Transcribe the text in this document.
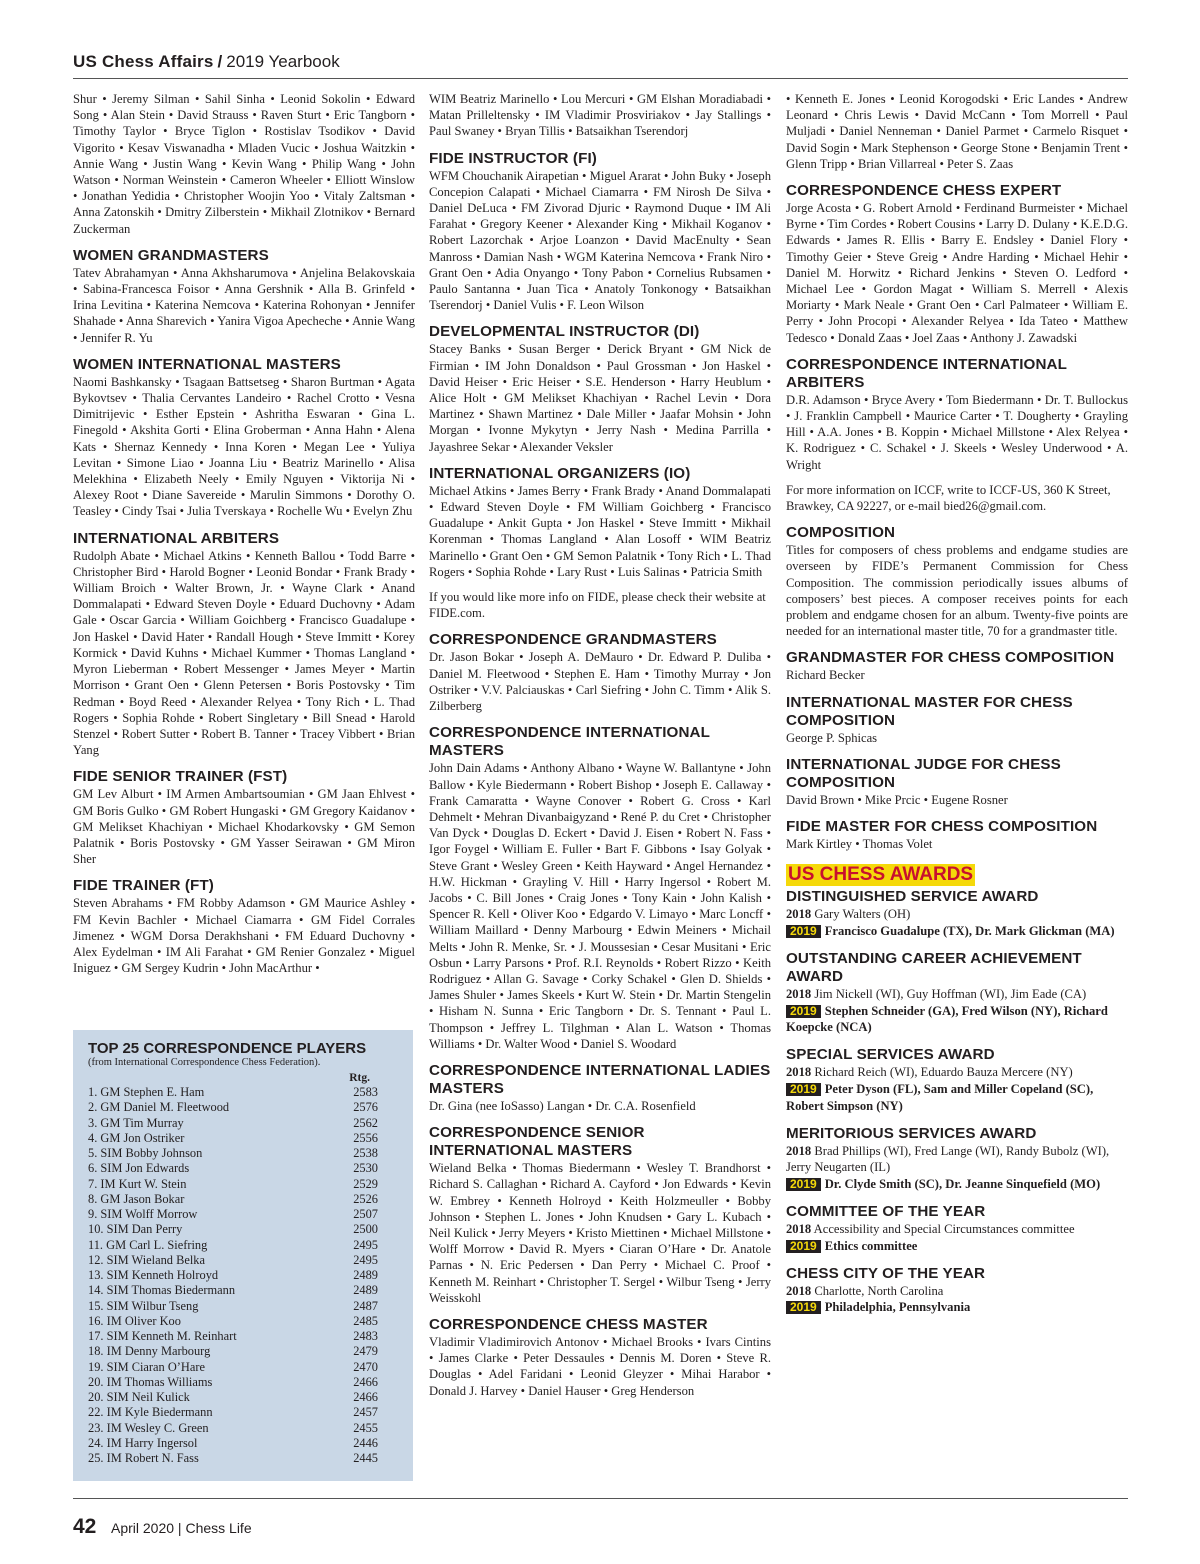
US Chess Affairs / 2019 Yearbook

Shur • Jeremy Silman • Sahil Sinha • Leonid Sokolin • Edward Song • Alan Stein • David Strauss • Raven Sturt • Eric Tangborn • Timothy Taylor • Bryce Tiglon • Rostislav Tsodikov • David Vigorito • Kesav Viswanadha • Mladen Vucic • Joshua Waitzkin • Annie Wang • Justin Wang • Kevin Wang • Philip Wang • John Watson • Norman Weinstein • Cameron Wheeler • Elliott Winslow • Jonathan Yedidia • Christopher Woojin Yoo • Vitaly Zaltsman • Anna Zatonskih • Dmitry Zilberstein • Mikhail Zlotnikov • Bernard Zuckerman

WOMEN GRANDMASTERS

Tatev Abrahamyan • Anna Akhsharumova • Anjelina Belakovskaia • Sabina-Francesca Foisor • Anna Gershnik • Alla B. Grinfeld • Irina Levitina • Katerina Nemcova • Katerina Rohonyan • Jennifer Shahade • Anna Sharevich • Yanira Vigoa Apecheche • Annie Wang • Jennifer R. Yu

WOMEN INTERNATIONAL MASTERS

Naomi Bashkansky • Tsagaan Battsetseg • Sharon Burtman • Agata Bykovtsev • Thalia Cervantes Landeiro • Rachel Crotto • Vesna Dimitrijevic • Esther Epstein • Ashritha Eswaran • Gina L. Finegold • Akshita Gorti • Elina Groberman • Anna Hahn • Alena Kats • Shernaz Kennedy • Inna Koren • Megan Lee • Yuliya Levitan • Simone Liao • Joanna Liu • Beatriz Marinello • Alisa Melekhina • Elizabeth Neely • Emily Nguyen • Viktorija Ni • Alexey Root • Diane Savereide • Marulin Simmons • Dorothy O. Teasley • Cindy Tsai • Julia Tverskaya • Rochelle Wu • Evelyn Zhu

INTERNATIONAL ARBITERS

Rudolph Abate • Michael Atkins • Kenneth Ballou • Todd Barre • Christopher Bird • Harold Bogner • Leonid Bondar • Frank Brady • William Broich • Walter Brown, Jr. • Wayne Clark • Anand Dommalapati • Edward Steven Doyle • Eduard Duchovny • Adam Gale • Oscar Garcia • William Goichberg • Francisco Guadalupe • Jon Haskel • David Hater • Randall Hough • Steve Immitt • Korey Kormick • David Kuhns • Michael Kummer • Thomas Langland • Myron Lieberman • Robert Messenger • James Meyer • Martin Morrison • Grant Oen • Glenn Petersen • Boris Postovsky • Tim Redman • Boyd Reed • Alexander Relyea • Tony Rich • L. Thad Rogers • Sophia Rohde • Robert Singletary • Bill Snead • Harold Stenzel • Robert Sutter • Robert B. Tanner • Tracey Vibbert • Brian Yang

FIDE SENIOR TRAINER (FST)

GM Lev Alburt • IM Armen Ambartsoumian • GM Jaan Ehlvest • GM Boris Gulko • GM Robert Hungaski • GM Gregory Kaidanov • GM Melikset Khachiyan • Michael Khodarkovsky • GM Semon Palatnik • Boris Postovsky • GM Yasser Seirawan • GM Miron Sher

FIDE TRAINER (FT)

Steven Abrahams • FM Robby Adamson • GM Maurice Ashley • FM Kevin Bachler • Michael Ciamarra • GM Fidel Corrales Jimenez • WGM Dorsa Derakhshani • FM Eduard Duchovny • Alex Eydelman • IM Ali Farahat • GM Renier Gonzalez • Miguel Iniguez • GM Sergey Kudrin • John MacArthur •

TOP 25 CORRESPONDENCE PLAYERS
(from International Correspondence Chess Federation).
Rtg.
1. GM Stephen E. Ham	2583
2. GM Daniel M. Fleetwood	2576
3. GM Tim Murray	2562
4. GM Jon Ostriker	2556
5. SIM Bobby Johnson	2538
6. SIM Jon Edwards	2530
7. IM Kurt W. Stein	2529
8. GM Jason Bokar	2526
9. SIM Wolff Morrow	2507
10. SIM Dan Perry	2500
11. GM Carl L. Siefring	2495
12. SIM Wieland Belka	2495
13. SIM Kenneth Holroyd	2489
14. SIM Thomas Biedermann	2489
15. SIM Wilbur Tseng	2487
16. IM Oliver Koo	2485
17. SIM Kenneth M. Reinhart	2483
18. IM Denny Marbourg	2479
19. SIM Ciaran O’Hare	2470
20. IM Thomas Williams	2466
20. SIM Neil Kulick	2466
22. IM Kyle Biedermann	2457
23. IM Wesley C. Green	2455
24. IM Harry Ingersol	2446
25. IM Robert N. Fass	2445

WIM Beatriz Marinello • Lou Mercuri • GM Elshan Moradiabadi • Matan Prilleltensky • IM Vladimir Prosviriakov • Jay Stallings • Paul Swaney • Bryan Tillis • Batsaikhan Tserendorj

FIDE INSTRUCTOR (FI)

WFM Chouchanik Airapetian • Miguel Ararat • John Buky • Joseph Concepion Calapati • Michael Ciamarra • FM Nirosh De Silva • Daniel DeLuca • FM Zivorad Djuric • Raymond Duque • IM Ali Farahat • Gregory Keener • Alexander King • Mikhail Koganov • Robert Lazorchak • Arjoe Loanzon • David MacEnulty • Sean Manross • Damian Nash • WGM Katerina Nemcova • Frank Niro • Grant Oen • Adia Onyango • Tony Pabon • Cornelius Rubsamen • Paulo Santanna • Juan Tica • Anatoly Tonkonogy • Batsaikhan Tserendorj • Daniel Vulis • F. Leon Wilson

DEVELOPMENTAL INSTRUCTOR (DI)

Stacey Banks • Susan Berger • Derick Bryant • GM Nick de Firmian • IM John Donaldson • Paul Grossman • Jon Haskel • David Heiser • Eric Heiser • S.E. Henderson • Harry Heublum • Alice Holt • GM Melikset Khachiyan • Rachel Levin • Dora Martinez • Shawn Martinez • Dale Miller • Jaafar Mohsin • John Morgan • Ivonne Mykytyn • Jerry Nash • Medina Parrilla • Jayashree Sekar • Alexander Veksler

INTERNATIONAL ORGANIZERS (IO)

Michael Atkins • James Berry • Frank Brady • Anand Dommalapati • Edward Steven Doyle • FM William Goichberg • Francisco Guadalupe • Ankit Gupta • Jon Haskel • Steve Immitt • Mikhail Korenman • Thomas Langland • Alan Losoff • WIM Beatriz Marinello • Grant Oen • GM Semon Palatnik • Tony Rich • L. Thad Rogers • Sophia Rohde • Lary Rust • Luis Salinas • Patricia Smith

If you would like more info on FIDE, please check their website at FIDE.com.

CORRESPONDENCE GRANDMASTERS

Dr. Jason Bokar • Joseph A. DeMauro • Dr. Edward P. Duliba • Daniel M. Fleetwood • Stephen E. Ham • Timothy Murray • Jon Ostriker • V.V. Palciauskas • Carl Siefring • John C. Timm • Alik S. Zilberberg

CORRESPONDENCE INTERNATIONAL MASTERS

John Dain Adams • Anthony Albano • Wayne W. Ballantyne • John Ballow • Kyle Biedermann • Robert Bishop • Joseph E. Callaway • Frank Camaratta • Wayne Conover • Robert G. Cross • Karl Dehmelt • Mehran Divanbaigyzand • René P. du Cret • Christopher Van Dyck • Douglas D. Eckert • David J. Eisen • Robert N. Fass • Igor Foygel • William E. Fuller • Bart F. Gibbons • Isay Golyak • Steve Grant • Wesley Green • Keith Hayward • Angel Hernandez • H.W. Hickman • Grayling V. Hill • Harry Ingersol • Robert M. Jacobs • C. Bill Jones • Craig Jones • Tony Kain • John Kalish • Spencer R. Kell • Oliver Koo • Edgardo V. Limayo • Marc Loncff • William Maillard • Denny Marbourg • Edwin Meiners • Michail Melts • John R. Menke, Sr. • J. Moussesian • Cesar Musitani • Eric Osbun • Larry Parsons • Prof. R.I. Reynolds • Robert Rizzo • Keith Rodriguez • Allan G. Savage • Corky Schakel • Glen D. Shields • James Shuler • James Skeels • Kurt W. Stein • Dr. Martin Stengelin • Hisham N. Sunna • Eric Tangborn • Dr. S. Tennant • Paul L. Thompson • Jeffrey L. Tilghman • Alan L. Watson • Thomas Williams • Dr. Walter Wood • Daniel S. Woodard

CORRESPONDENCE INTERNATIONAL LADIES MASTERS

Dr. Gina (nee IoSasso) Langan • Dr. C.A. Rosenfield

CORRESPONDENCE SENIOR INTERNATIONAL MASTERS

Wieland Belka • Thomas Biedermann • Wesley T. Brandhorst • Richard S. Callaghan • Richard A. Cayford • Jon Edwards • Kevin W. Embrey • Kenneth Holroyd • Keith Holzmeuller • Bobby Johnson • Stephen L. Jones • John Knudsen • Gary L. Kubach • Neil Kulick • Jerry Meyers • Kristo Miettinen • Michael Millstone • Wolff Morrow • David R. Myers • Ciaran O’Hare • Dr. Anatole Parnas • N. Eric Pedersen • Dan Perry • Michael C. Proof • Kenneth M. Reinhart • Christopher T. Sergel • Wilbur Tseng • Jerry Weisskohl

CORRESPONDENCE CHESS MASTER

Vladimir Vladimirovich Antonov • Michael Brooks • Ivars Cintins • James Clarke • Peter Dessaules • Dennis M. Doren • Steve R. Douglas • Adel Faridani • Leonid Gleyzer • Mihai Harabor • Donald J. Harvey • Daniel Hauser • Greg Henderson

• Kenneth E. Jones • Leonid Korogodski • Eric Landes • Andrew Leonard • Chris Lewis • David McCann • Tom Morrell • Paul Muljadi • Daniel Nenneman • Daniel Parmet • Carmelo Risquet • David Sogin • Mark Stephenson • George Stone • Benjamin Trent • Glenn Tripp • Brian Villarreal • Peter S. Zaas

CORRESPONDENCE CHESS EXPERT

Jorge Acosta • G. Robert Arnold • Ferdinand Burmeister • Michael Byrne • Tim Cordes • Robert Cousins • Larry D. Dulany • K.E.D.G. Edwards • James R. Ellis • Barry E. Endsley • Daniel Flory • Timothy Geier • Steve Greig • Andre Harding • Michael Hehir • Daniel M. Horwitz • Richard Jenkins • Steven O. Ledford • Michael Lee • Gordon Magat • William S. Merrell • Alexis Moriarty • Mark Neale • Grant Oen • Carl Palmateer • William E. Perry • John Procopi • Alexander Relyea • Ida Tateo • Matthew Tedesco • Donald Zaas • Joel Zaas • Anthony J. Zawadski

CORRESPONDENCE INTERNATIONAL ARBITERS

D.R. Adamson • Bryce Avery • Tom Biedermann • Dr. T. Bullockus • J. Franklin Campbell • Maurice Carter • T. Dougherty • Grayling Hill • A.A. Jones • B. Koppin • Michael Millstone • Alex Relyea • K. Rodriguez • C. Schakel • J. Skeels • Wesley Underwood • A. Wright

For more information on ICCF, write to ICCF-US, 360 K Street, Brawkey, CA 92227, or e-mail bied26@gmail.com.

COMPOSITION

Titles for composers of chess problems and endgame studies are overseen by FIDE’s Permanent Commission for Chess Composition. The commission periodically issues albums of composers’ best pieces. A composer receives points for each problem and endgame chosen for an album. Twenty-five points are needed for an international master title, 70 for a grandmaster title.

GRANDMASTER FOR CHESS COMPOSITION

Richard Becker

INTERNATIONAL MASTER FOR CHESS COMPOSITION

George P. Sphicas

INTERNATIONAL JUDGE FOR CHESS COMPOSITION

David Brown • Mike Prcic • Eugene Rosner

FIDE MASTER FOR CHESS COMPOSITION

Mark Kirtley • Thomas Volet

US CHESS AWARDS
DISTINGUISHED SERVICE AWARD

2018 Gary Walters (OH)

2019 Francisco Guadalupe (TX), Dr. Mark Glickman (MA)

OUTSTANDING CAREER ACHIEVEMENT AWARD

2018 Jim Nickell (WI), Guy Hoffman (WI), Jim Eade (CA)

2019 Stephen Schneider (GA), Fred Wilson (NY), Richard Koepcke (NCA)

SPECIAL SERVICES AWARD

2018 Richard Reich (WI), Eduardo Bauza Mercere (NY)

2019 Peter Dyson (FL), Sam and Miller Copeland (SC), Robert Simpson (NY)

MERITORIOUS SERVICES AWARD

2018 Brad Phillips (WI), Fred Lange (WI), Randy Bubolz (WI), Jerry Neugarten (IL)

2019 Dr. Clyde Smith (SC), Dr. Jeanne Sinquefield (MO)

COMMITTEE OF THE YEAR

2018 Accessibility and Special Circumstances committee

2019 Ethics committee

CHESS CITY OF THE YEAR

2018 Charlotte, North Carolina

2019 Philadelphia, Pennsylvania

42 April 2020 | Chess Life
